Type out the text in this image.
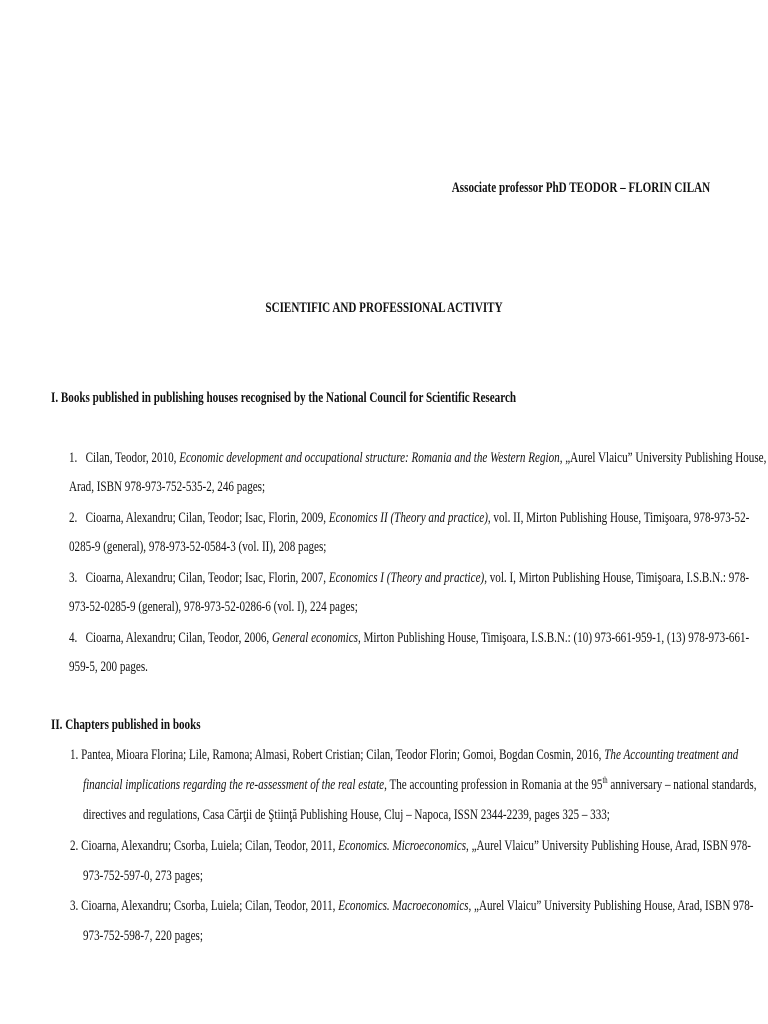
Associate professor PhD TEODOR – FLORIN CILAN
SCIENTIFIC AND PROFESSIONAL ACTIVITY
I. Books published in publishing houses recognised by the National Council for Scientific Research
1. Cilan, Teodor, 2010, Economic development and occupational structure: Romania and the Western Region, „Aurel Vlaicu” University Publishing House,
Arad, ISBN 978-973-752-535-2, 246 pages;
2. Cioarna, Alexandru; Cilan, Teodor; Isac, Florin, 2009, Economics II (Theory and practice), vol. II, Mirton Publishing House, Timişoara, 978-973-52-
0285-9 (general), 978-973-52-0584-3 (vol. II), 208 pages;
3. Cioarna, Alexandru; Cilan, Teodor; Isac, Florin, 2007, Economics I (Theory and practice), vol. I, Mirton Publishing House, Timişoara, I.S.B.N.: 978-
973-52-0285-9 (general), 978-973-52-0286-6 (vol. I), 224 pages;
4. Cioarna, Alexandru; Cilan, Teodor, 2006, General economics, Mirton Publishing House, Timişoara, I.S.B.N.: (10) 973-661-959-1, (13) 978-973-661-
959-5, 200 pages.
II. Chapters published in books
1. Pantea, Mioara Florina; Lile, Ramona; Almasi, Robert Cristian; Cilan, Teodor Florin; Gomoi, Bogdan Cosmin, 2016, The Accounting treatment and
financial implications regarding the re-assessment of the real estate, The accounting profession in Romania at the 95th anniversary – national standards,
directives and regulations, Casa Cărţii de Ştiinţă Publishing House, Cluj – Napoca, ISSN 2344-2239, pages 325 – 333;
2. Cioarna, Alexandru; Csorba, Luiela; Cilan, Teodor, 2011, Economics. Microeconomics, „Aurel Vlaicu” University Publishing House, Arad, ISBN 978-
973-752-597-0, 273 pages;
3. Cioarna, Alexandru; Csorba, Luiela; Cilan, Teodor, 2011, Economics. Macroeconomics, „Aurel Vlaicu” University Publishing House, Arad, ISBN 978-
973-752-598-7, 220 pages;
